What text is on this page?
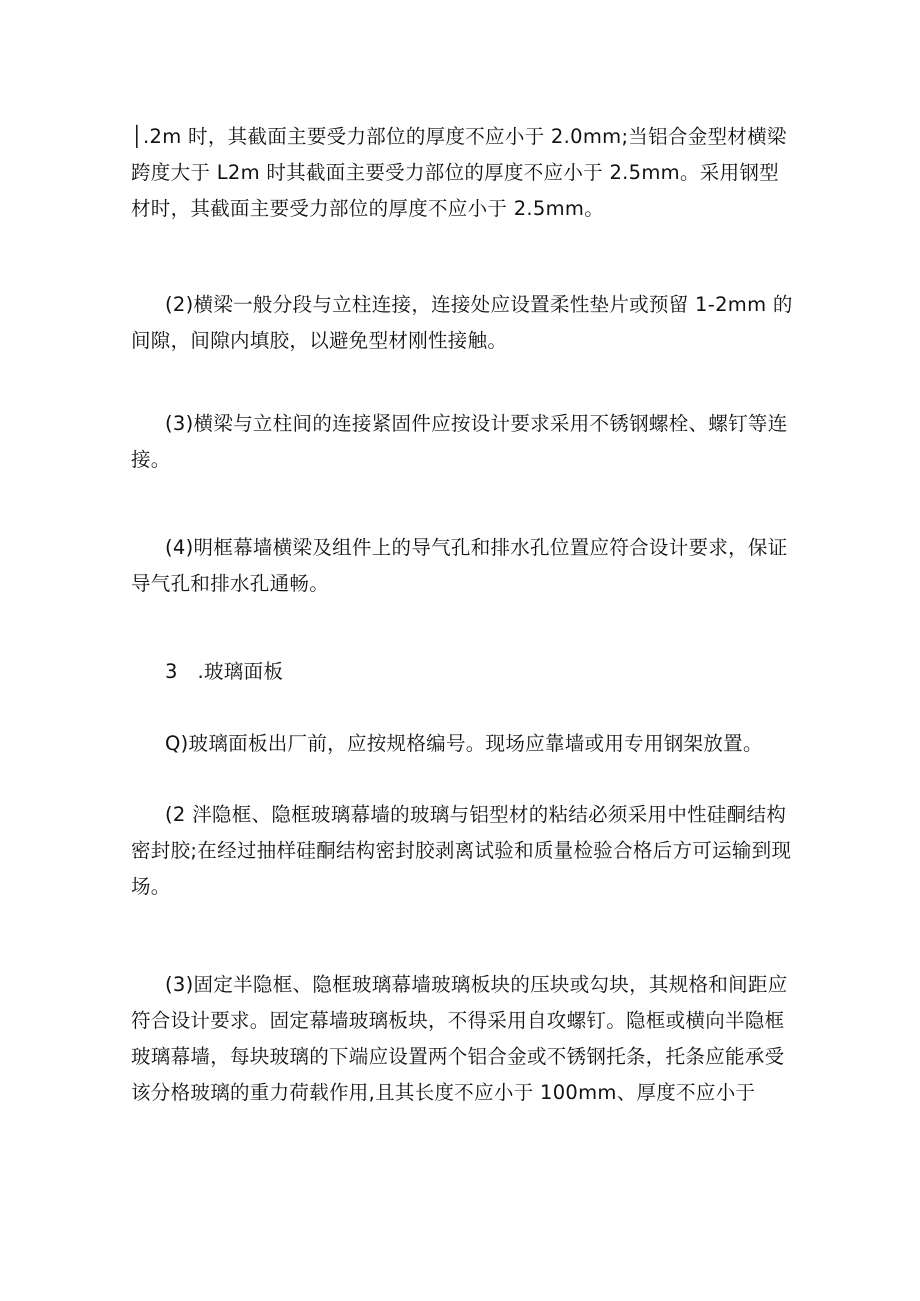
│.2m 时，其截面主要受力部位的厚度不应小于 2.0mm;当铝合金型材横梁跨度大于 L2m 时其截面主要受力部位的厚度不应小于 2.5mm。采用钢型材时，其截面主要受力部位的厚度不应小于 2.5mm。

(2)横梁一般分段与立柱连接，连接处应设置柔性垫片或预留 1-2mm 的间隙，间隙内填胶，以避免型材刚性接触。

(3)横梁与立柱间的连接紧固件应按设计要求采用不锈钢螺栓、螺钉等连接。

(4)明框幕墙横梁及组件上的导气孔和排水孔位置应符合设计要求，保证导气孔和排水孔通畅。

3　.玻璃面板

Q)玻璃面板出厂前，应按规格编号。现场应靠墙或用专用钢架放置。

(2 泮隐框、隐框玻璃幕墙的玻璃与铝型材的粘结必须采用中性硅酮结构密封胶;在经过抽样硅酮结构密封胶剥离试验和质量检验合格后方可运输到现场。

(3)固定半隐框、隐框玻璃幕墙玻璃板块的压块或勾块，其规格和间距应符合设计要求。固定幕墙玻璃板块，不得采用自攻螺钉。隐框或横向半隐框玻璃幕墙，每块玻璃的下端应设置两个铝合金或不锈钢托条，托条应能承受该分格玻璃的重力荷载作用,且其长度不应小于 100mm、厚度不应小于
